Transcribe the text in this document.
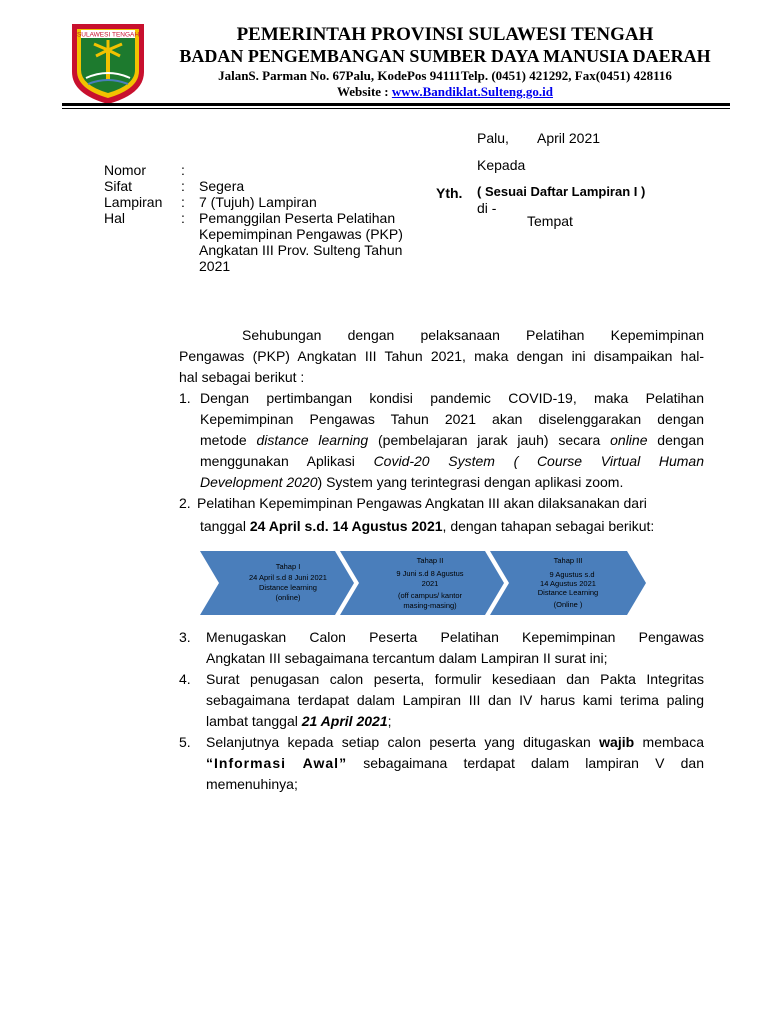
SULAWESI TENGAH	PEMERINTAH PROVINSI SULAWESI TENGAH
BADAN PENGEMBANGAN SUMBER DAYA MANUSIA DAERAH
JalanS. Parman No. 67Palu, KodePos 94111Telp. (0451) 421292, Fax(0451) 428116
Website : www.Bandiklat.Sulteng.go.id
Palu, April 2021
Kepada
Yth. ( Sesuai Daftar Lampiran I )
di -
Tempat
Nomor :
Sifat	: Segera
Lampiran : 7 (Tujuh) Lampiran
Hal	: Pemanggilan Peserta Pelatihan
Kepemimpinan Pengawas (PKP)
Angkatan III Prov. Sulteng Tahun
2021
Sehubungan dengan pelaksanaan Pelatihan Kepemimpinan
Pengawas (PKP) Angkatan III Tahun 2021, maka dengan ini disampaikan hal-
hal sebagai berikut :
1. Dengan pertimbangan kondisi pandemic COVID-19, maka Pelatihan
Kepemimpinan Pengawas Tahun 2021 akan diselenggarakan dengan
metode distance learning (pembelajaran jarak jauh) secara online dengan
menggunakan Aplikasi Covid-20 System ( Course Virtual Human
Development 2020) System yang terintegrasi dengan aplikasi zoom.
2. Pelatihan Kepemimpinan Pengawas Angkatan III akan dilaksanakan dari
tanggal 24 April s.d. 14 Agustus 2021, dengan tahapan sebagai berikut:
Tahap I
24 April s.d 8 Juni 2021
Distance learning
(online)
Tahap II
9 Juni s.d 8 Agustus
2021
(off campus/ kantor
masing-masing)
Tahap III
9 Agustus s.d
14 Agustus 2021
Distance Learning
(Online )
3. Menugaskan Calon Peserta Pelatihan Kepemimpinan Pengawas
Angkatan III sebagaimana tercantum dalam Lampiran II surat ini;
4. Surat penugasan calon peserta, formulir kesediaan dan Pakta Integritas
sebagaimana terdapat dalam Lampiran III dan IV harus kami terima paling
lambat tanggal 21 April 2021;
5. Selanjutnya kepada setiap calon peserta yang ditugaskan wajib membaca
“Informasi Awal” sebagaimana terdapat dalam lampiran V dan
memenuhinya;
